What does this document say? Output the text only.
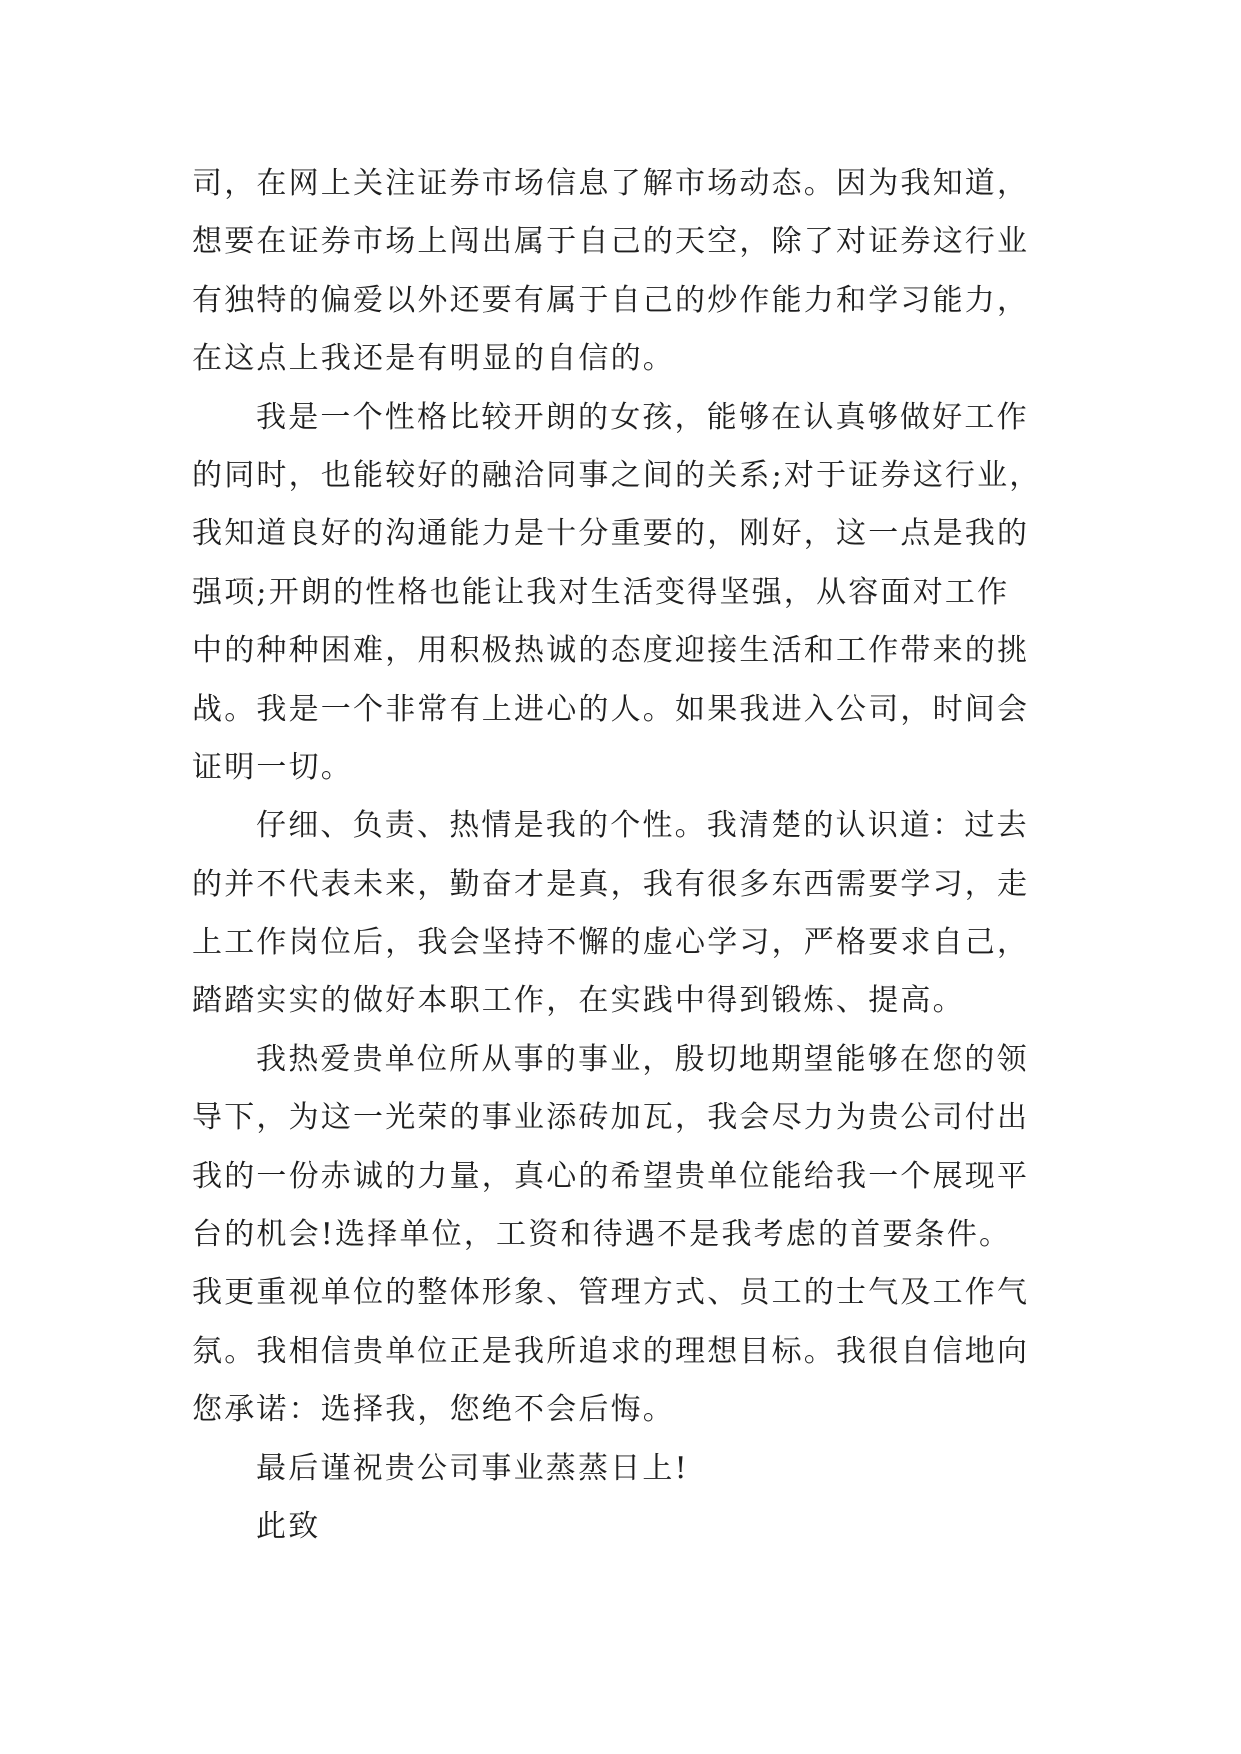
司，在网上关注证券市场信息了解市场动态。因为我知道，
想要在证券市场上闯出属于自己的天空，除了对证券这行业
有独特的偏爱以外还要有属于自己的炒作能力和学习能力，
在这点上我还是有明显的自信的。
我是一个性格比较开朗的女孩，能够在认真够做好工作
的同时，也能较好的融洽同事之间的关系;对于证券这行业，
我知道良好的沟通能力是十分重要的，刚好，这一点是我的
强项;开朗的性格也能让我对生活变得坚强，从容面对工作
中的种种困难，用积极热诚的态度迎接生活和工作带来的挑
战。我是一个非常有上进心的人。如果我进入公司，时间会
证明一切。
仔细、负责、热情是我的个性。我清楚的认识道：过去
的并不代表未来，勤奋才是真，我有很多东西需要学习，走
上工作岗位后，我会坚持不懈的虚心学习，严格要求自己，
踏踏实实的做好本职工作，在实践中得到锻炼、提高。
我热爱贵单位所从事的事业，殷切地期望能够在您的领
导下，为这一光荣的事业添砖加瓦，我会尽力为贵公司付出
我的一份赤诚的力量，真心的希望贵单位能给我一个展现平
台的机会!选择单位，工资和待遇不是我考虑的首要条件。
我更重视单位的整体形象、管理方式、员工的士气及工作气
氛。我相信贵单位正是我所追求的理想目标。我很自信地向
您承诺：选择我，您绝不会后悔。
最后谨祝贵公司事业蒸蒸日上!
此致
